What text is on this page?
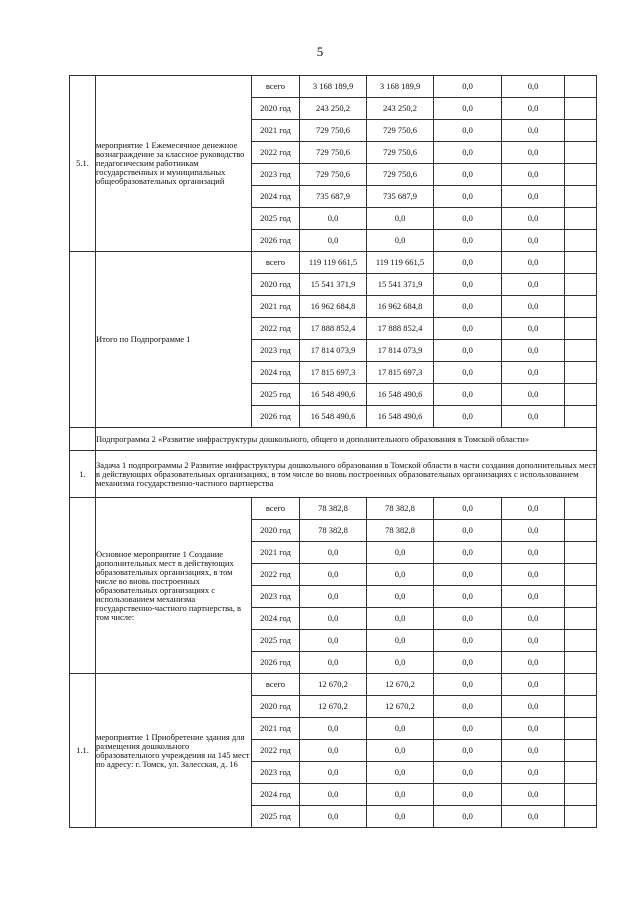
5
5.1.	мероприятие 1 Ежемесячное денежное вознаграждение за классное руководство педагогическим работникам государственных и муниципальных общеобразовательных организаций	всего	3 168 189,9	3 168 189,9	0,0	0,0	
		2020 год	243 250,2	243 250,2	0,0	0,0	
		2021 год	729 750,6	729 750,6	0,0	0,0	
		2022 год	729 750,6	729 750,6	0,0	0,0	
		2023 год	729 750,6	729 750,6	0,0	0,0	
		2024 год	735 687,9	735 687,9	0,0	0,0	
		2025 год	0,0	0,0	0,0	0,0	
		2026 год	0,0	0,0	0,0	0,0	
	Итого по Подпрограмме 1	всего	119 119 661,5	119 119 661,5	0,0	0,0	
		2020 год	15 541 371,9	15 541 371,9	0,0	0,0	
		2021 год	16 962 684,8	16 962 684,8	0,0	0,0	
		2022 год	17 888 852,4	17 888 852,4	0,0	0,0	
		2023 год	17 814 073,9	17 814 073,9	0,0	0,0	
		2024 год	17 815 697,3	17 815 697,3	0,0	0,0	
		2025 год	16 548 490,6	16 548 490,6	0,0	0,0	
		2026 год	16 548 490,6	16 548 490,6	0,0	0,0	
	Подпрограмма 2 «Развитие инфраструктуры дошкольного, общего и дополнительного образования в Томской области»						
1.	Задача 1 подпрограммы 2 Развитие инфраструктуры дошкольного образования в Томской области в части создания дополнительных мест в действующих образовательных организациях, в том числе во вновь построенных образовательных организациях с использованием механизма государственно-частного партнерства						
	Основное мероприятие 1 Создание дополнительных мест в действующих образовательных организациях, в том числе во вновь построенных образовательных организациях с использованием механизма государственно-частного партнерства, в том числе:	всего	78 382,8	78 382,8	0,0	0,0	
		2020 год	78 382,8	78 382,8	0,0	0,0	
		2021 год	0,0	0,0	0,0	0,0	
		2022 год	0,0	0,0	0,0	0,0	
		2023 год	0,0	0,0	0,0	0,0	
		2024 год	0,0	0,0	0,0	0,0	
		2025 год	0,0	0,0	0,0	0,0	
		2026 год	0,0	0,0	0,0	0,0	
1.1.	мероприятие 1 Приобретение здания для размещения дошкольного образовательного учреждения на 145 мест по адресу: г. Томск, ул. Залесская, д. 16	всего	12 670,2	12 670,2	0,0	0,0	
		2020 год	12 670,2	12 670,2	0,0	0,0	
		2021 год	0,0	0,0	0,0	0,0	
		2022 год	0,0	0,0	0,0	0,0	
		2023 год	0,0	0,0	0,0	0,0	
		2024 год	0,0	0,0	0,0	0,0	
		2025 год	0,0	0,0	0,0	0,0	
